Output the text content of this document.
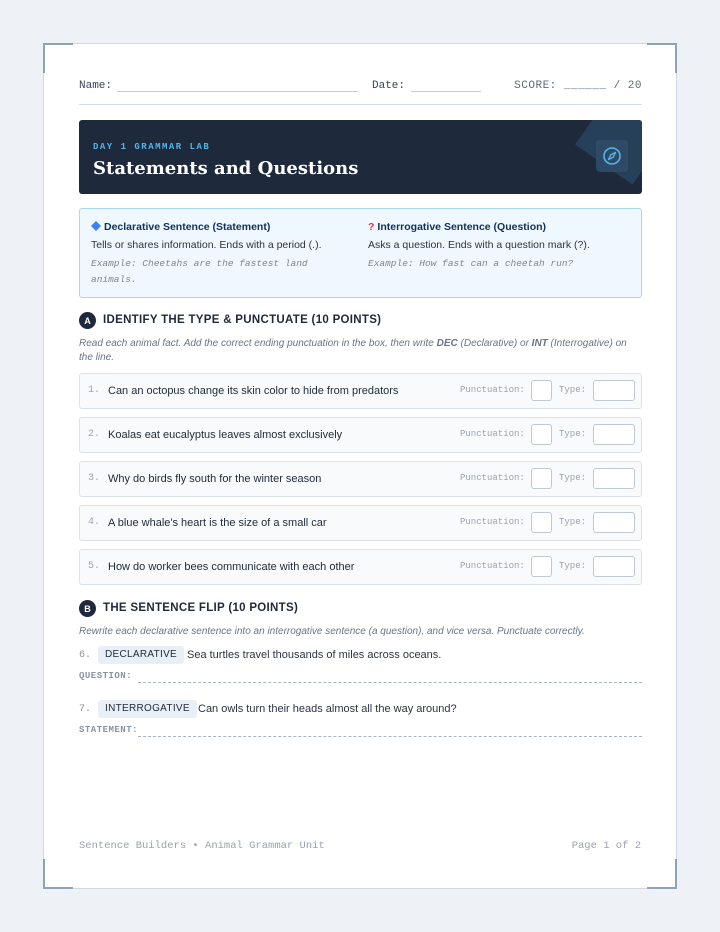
Name:	Date:	SCORE: ______ / 20
DAY 1 GRAMMAR LAB
Statements and Questions
Declarative Sentence (Statement)
Tells or shares information. Ends with a period (.).
Example: Cheetahs are the fastest land animals.
? Interrogative Sentence (Question)
Asks a question. Ends with a question mark (?).
Example: How fast can a cheetah run?
A	IDENTIFY THE TYPE & PUNCTUATE (10 POINTS)
Read each animal fact. Add the correct ending punctuation in the box, then write DEC (Declarative) or INT (Interrogative) on the line.
1. Can an octopus change its skin color to hide from predators	Punctuation:	Type:
2. Koalas eat eucalyptus leaves almost exclusively	Punctuation:	Type:
3. Why do birds fly south for the winter season	Punctuation:	Type:
4. A blue whale's heart is the size of a small car	Punctuation:	Type:
5. How do worker bees communicate with each other	Punctuation:	Type:
B	THE SENTENCE FLIP (10 POINTS)
Rewrite each declarative sentence into an interrogative sentence (a question), and vice versa. Punctuate correctly.
6.	DECLARATIVE Sea turtles travel thousands of miles across oceans.
QUESTION:
7.	INTERROGATIVE Can owls turn their heads almost all the way around?
STATEMENT:
Sentence Builders • Animal Grammar Unit	Page 1 of 2
